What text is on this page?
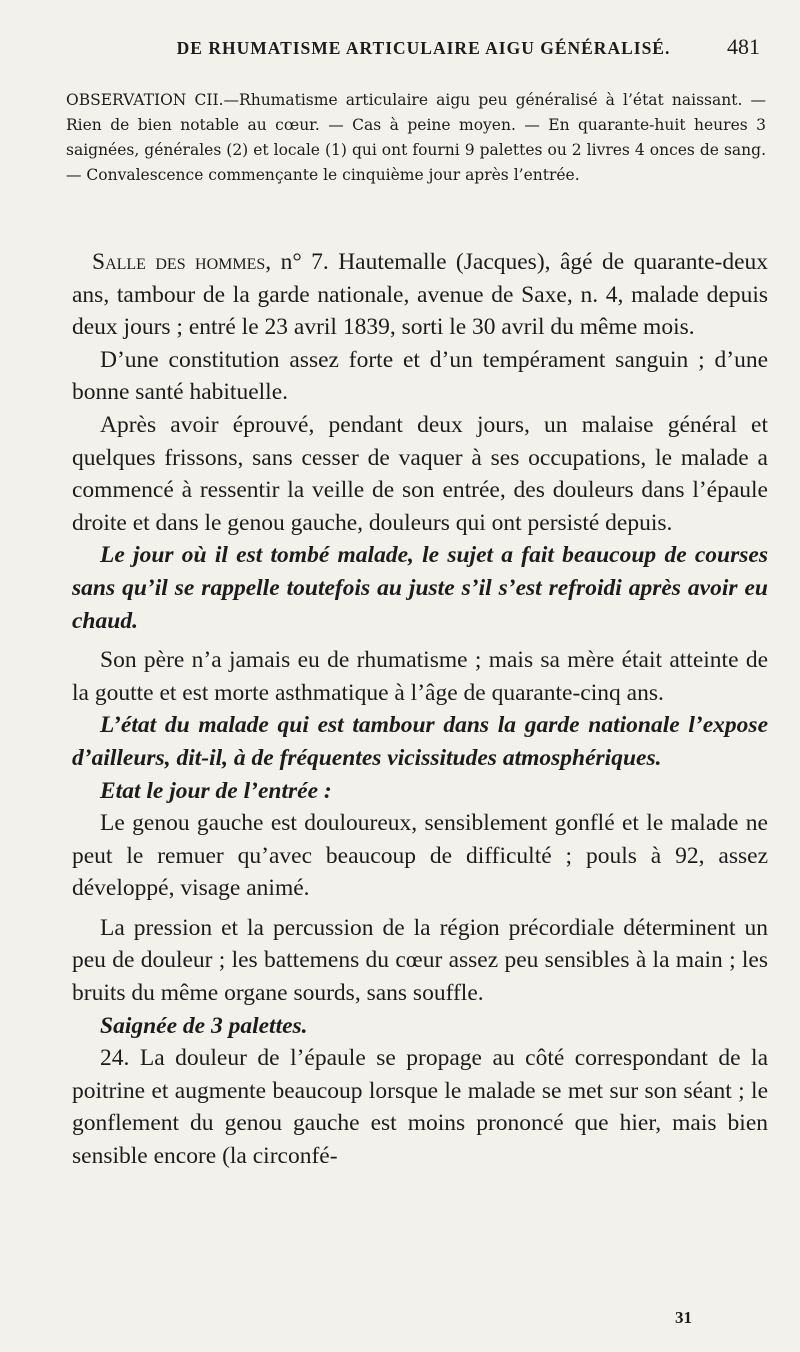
DE RHUMATISME ARTICULAIRE AIGU GÉNÉRALISÉ.	481
OBSERVATION CII.—Rhumatisme articulaire aigu peu généralisé à l’état naissant. — Rien de bien notable au cœur. — Cas à peine moyen. — En quarante-huit heures 3 saignées, générales (2) et locale (1) qui ont fourni 9 palettes ou 2 livres 4 onces de sang. — Convalescence commençante le cinquième jour après l’entrée.

Salle des hommes, n° 7. Hautemalle (Jacques), âgé de quarante-deux ans, tambour de la garde nationale, avenue de Saxe, n. 4, malade depuis deux jours ; entré le 23 avril 1839, sorti le 30 avril du même mois.

D’une constitution assez forte et d’un tempérament sanguin ; d’une bonne santé habituelle.

Après avoir éprouvé, pendant deux jours, un malaise général et quelques frissons, sans cesser de vaquer à ses occupations, le malade a commencé à ressentir la veille de son entrée, des douleurs dans l’épaule droite et dans le genou gauche, douleurs qui ont persisté depuis.

Le jour où il est tombé malade, le sujet a fait beaucoup de courses sans qu’il se rappelle toutefois au juste s’il s’est refroidi après avoir eu chaud.

Son père n’a jamais eu de rhumatisme ; mais sa mère était atteinte de la goutte et est morte asthmatique à l’âge de quarante-cinq ans.

L’état du malade qui est tambour dans la garde nationale l’expose d’ailleurs, dit-il, à de fréquentes vicissitudes atmosphériques.

Etat le jour de l’entrée :

Le genou gauche est douloureux, sensiblement gonflé et le malade ne peut le remuer qu’avec beaucoup de difficulté ; pouls à 92, assez développé, visage animé.

La pression et la percussion de la région précordiale déterminent un peu de douleur ; les battemens du cœur assez peu sensibles à la main ; les bruits du même organe sourds, sans souffle.

Saignée de 3 palettes.

24. La douleur de l’épaule se propage au côté correspondant de la poitrine et augmente beaucoup lorsque le malade se met sur son séant ; le gonflement du genou gauche est moins prononcé que hier, mais bien sensible encore (la circonfé-

31
